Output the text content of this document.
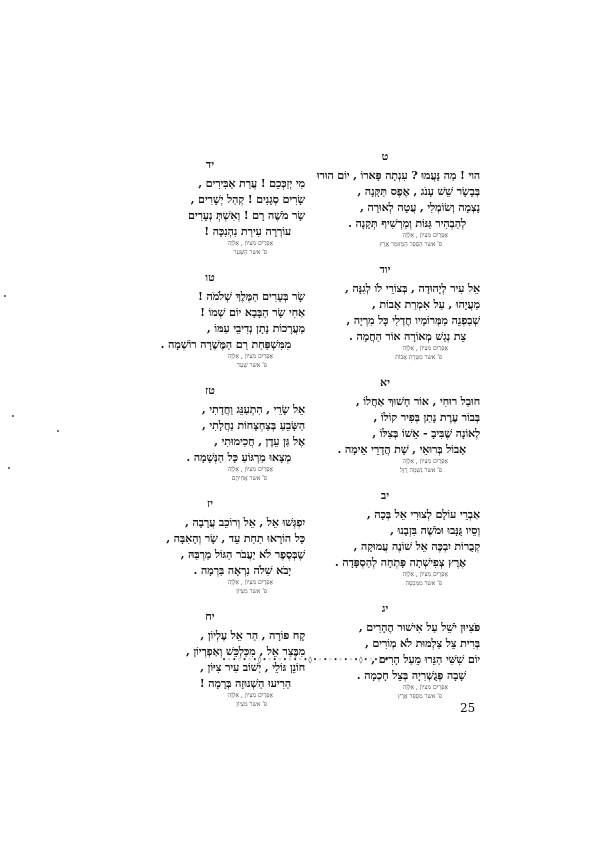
ט
הוי ! מַה נָּעֲמוּ ? עִנְתָה פָּארוֹ , יוֹם הוּרוּ
בְּבָשָׂר שֵׁשׁ עָנֹג , אֶפֶס תַּקָּנָה ,
נָצְמָה וְשׂוֹמְלִי , עֲטָה לְאוּרָה ,
לְהַבְהִיר גַּנּוֹת וְמַרְשִׁיף תְּקָנָה .
אֶפְרַיִם מִצִּיוֹן , אַלְוָה
פ' אשר הַסְפֵר הַמְזוּמָר אֶרֶץ
יוד
אֵל עִיר לְיָהוּדָה , בְּצוֹרֵי לֹו לְגִנָּה ,
מַעֲיָהוּ , עַל אִמְרַת אָבוֹת ,
שְׁבַפְנֵה מַמְּרוֹמָיו חֶדְלִי כָּל מִרְיָה ,
צֵת נְגַשׁ מְאוֹרָה אוֹר הַחֲמָה .
אֶפְרַיִם מִצִּיוֹן , אַלְוָה
פ' אשר מִטְּרָת אָבוֹת
יא
חוּבַל רוּחִי , אוֹר חָשׁוּךְ אַחֲלוֹ ,
בְּבוֹר עֶרֶת נָתַן בְּפִיר קוֹלוֹ ,
לְאוֹנָה שֶׁבִּיבָ - אֵשׁוֹ בְּצִלּוֹ ,
אָבוֹל בְּרוּאֵי , שָׁת הֲדָרֵי אֵימָה .
אֶפְרַיִם מִצִּיוֹן , אַלְוָה
פ' אשר נִשְׁמָה רֶזֶל
יב
אַבְרֵי עוֹלָם לְצוּרִי אֵל בְּכָה ,
וְסֵיו גֻּנָּבוּ וּמֹשֶׁה בִּזְבָנוּ ,
קְבֻרוֹת יִבְכֶּה אֵל שׁוֹנֶה עֲמוּקָה ,
אֶרֶץ צְפִישְׁתָה פָּתְחָה לְהַסְפָּדָה .
אֶפְרַיִם מִצִּיוֹן , אַלְוָה
פ' אשר מִמְּכַסֶּה
יג
פֹּצִיוּן יֹשֵׁל עַל אִישׁוּר הֶהָרִים ,
בְּרִית צֵל צַלְמוּת לֹא מְוֹרִים ,
יוֹם שִׁשִּׁי הַנֵּרוּ מֵעַל הָרִים ,
שָׁבָה פְּגֻשְׁרִיָה בְּצֵל חָכְמָה .
אֶפְרַיִם מִצִּיוֹן , אַלְוָה
פ' אשר מִסְפַּר אֶרֶץ
יד
מִי יְזַכְּכֵם ! עֲרַת אַבִּירִים ,
שָׂרִים סְגָנִים ! קְהַל יְשָׁרִים ,
שָׂר מֹשֶׁה רָם ! וְאִשְׁתְּ נְעָרִים
עוֹרְרָה עִירַת נִהְנִכָּה !
אֶפְרַיִם מִצִּיוֹן , אַלְוָה
פ' אשר הַשַּׁעַר
טו
שָׂר בְּעָרִים הַמֶּלֶךְ שְׁלֹמֹה !
אַחִי שָׂר הַבָּבָא יוֹם שְׁמוֹ !
מַעֲרָכוֹת נָתָן נְדִיבֵי עַמּוֹ ,
מִמִּשְׁפַּחַת רַם הַמֶּשֶׁרָה רוֹשְׁמָה .
אֶפְרַיִם מִצִּיוֹן , אַלְוָה
פ' אשר שַׁעַר
טז
אֵל שָׂרֵי , הִתְעַנֵּג וַחֲדָתִי ,
הַשָּׂבֵעַ בְּצַחְצָחוֹת נַחֲלָתִי ,
אֶל גַּן עֵדֶן , חֲכִימוּתִי ,
מְצָאוּ מַרְגּוֹעַ כָּל הַנְּשָׁמָה .
אֶפְרַיִם מִצִּיוֹן , אַלְוָה
פ' אשר אֲחִיהֶם
יז
יִפְגְּשׁוּ אֵל , אֵל וְרוֹכֵב עֲרָבָה ,
כָּל הוֹרָאוּ תַחַת עֵד , שָׂר וְהָאִבָּה ,
שֶׁבְּסֶפֶר לֹא יַעֲבֹר הַגּוֹל מַרְבַּהּ ,
יָבֹא שִׁלֹה נִרְאָה בַּרְמָה .
אֶפְרַיִם מִצִּיוֹן , אַלְוָה
פ' אשר מִצִּיוֹן
יח
קָח פּוֹרָה , הַר אֵל עֶלְיוֹן ,
מִבֶּצַר אֵל , מִכַּלְכֵּשׁ וְאַפְרְיוֹן ,
חוֹנֵן גּוֹלֵי , יַשׁוֹב עִיר צִיּוֹן ,
הַרִיעוּ הַשְׁנוּזָה בְּרָמָה !
אֶפְרַיִם מִצִּיוֹן , אַלְוָה
פ' אשר מִצִּיוֹן
•◦•◦•◦•◊•◦•◦•◦•◦•◊•◦•◦•◦•◦•◊•◦•◦•
25
